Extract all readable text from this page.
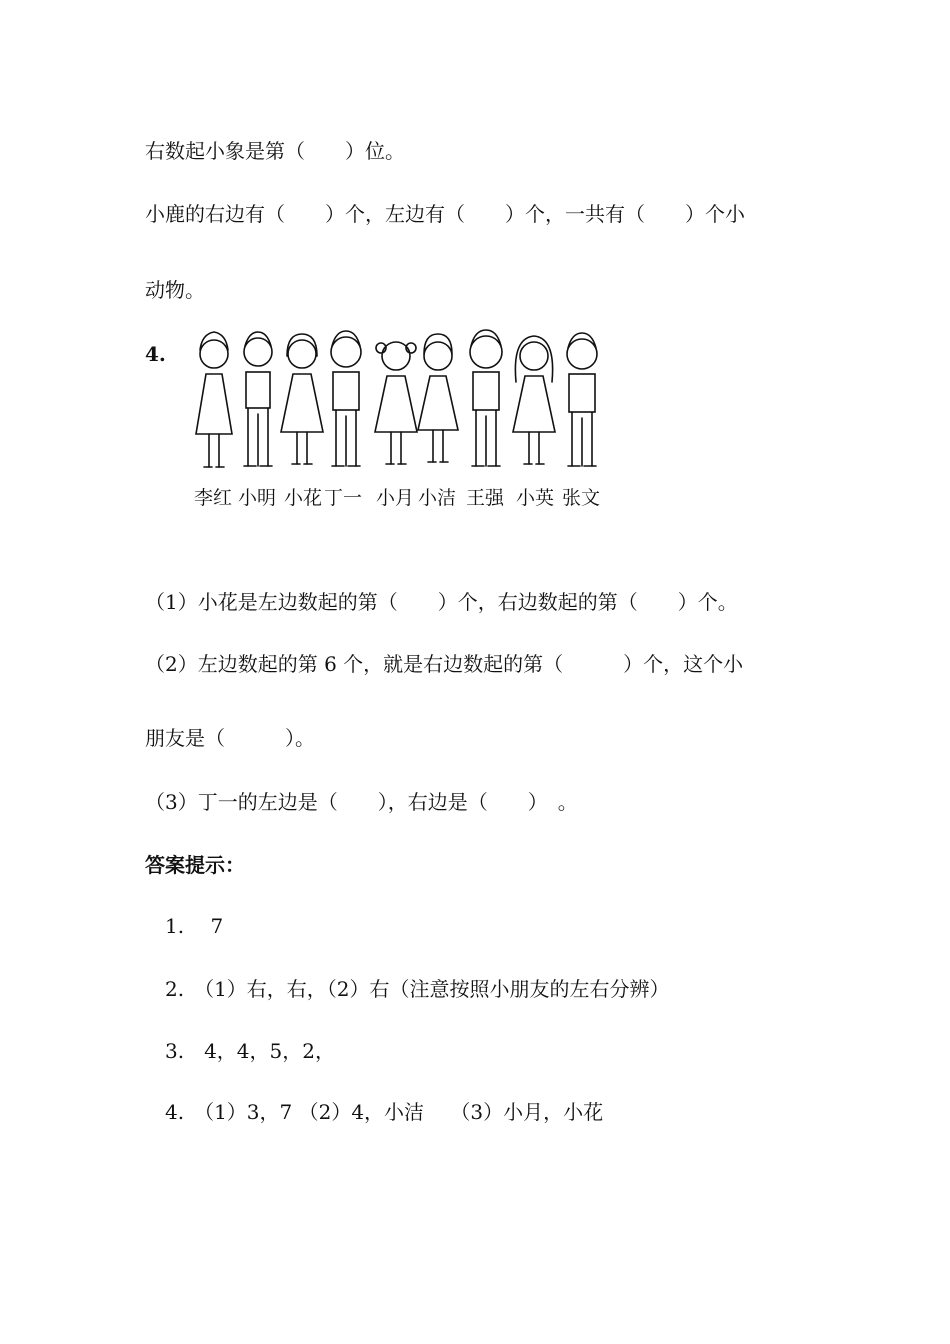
右数起小象是第（　　）位。
小鹿的右边有（　　）个，左边有（　　）个，一共有（　　）个小
动物。
4.
李红 小明 小花 丁一 小月 小洁 王强 小英 张文
（1）小花是左边数起的第（　　）个，右边数起的第（　　）个。
（2）左边数起的第 6 个，就是右边数起的第（　　　）个，这个小
朋友是（　　　）。
（3）丁一的左边是（　　），右边是（　　）　。
答案提示：
1.　 7
2.　（1）右，右，（2）右（注意按照小朋友的左右分辨）
3.　4，4，5，2，
4.　（1）3，7 （2）4，小洁　 （3）小月，小花
